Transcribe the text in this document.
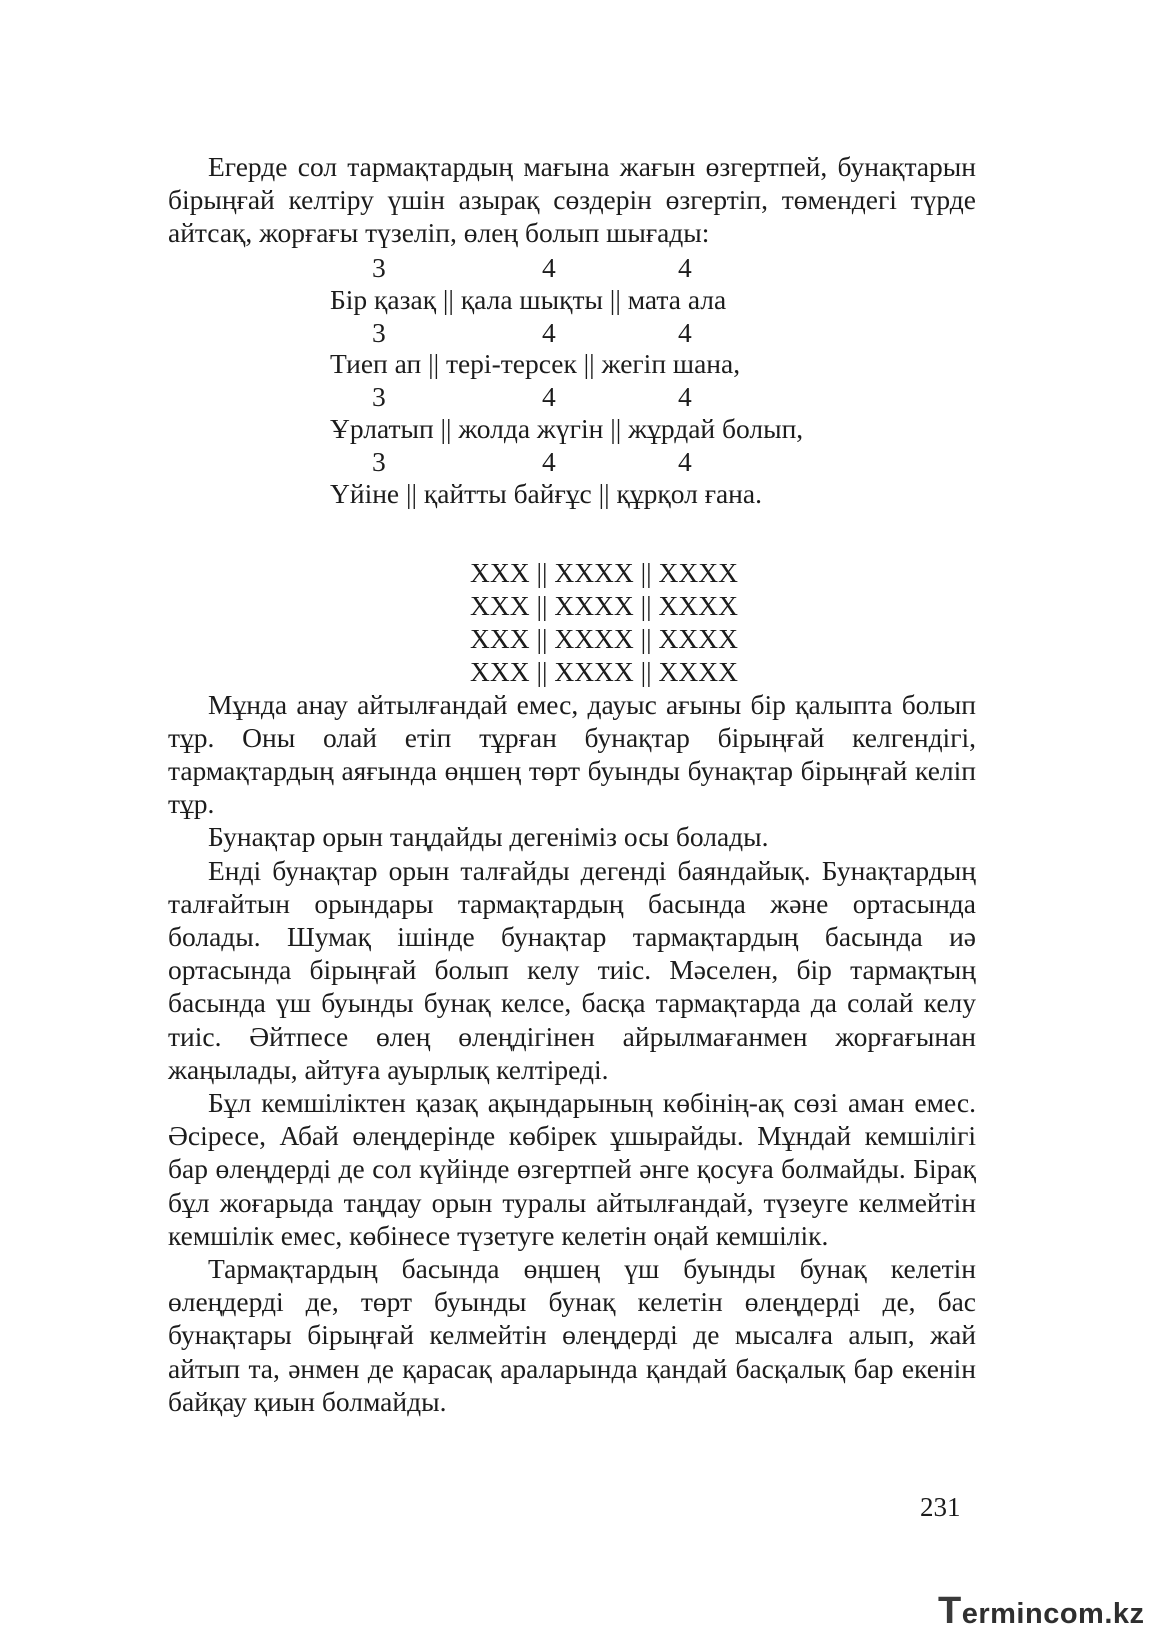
Егерде сол тармақтардың мағына жағын өзгертпей, бунақтарын бірыңғай келтіру үшін азырақ сөздерін өзгертіп, төмендегі түрде айтсақ, жорғағы түзеліп, өлең болып шығады:

3	4	4
Бір қазақ || қала шықты || мата ала
3	4	4
Тиеп ап || тері-терсек || жегіп шана,
3	4	4
Ұрлатып || жолда жүгін || жұрдай болып,
3	4	4
Үйіне || қайтты байғұс || құрқол ғана.
ХХХ || ХХХХ || ХХХХ
ХХХ || ХХХХ || ХХХХ
ХХХ || ХХХХ || ХХХХ
ХХХ || ХХХХ || ХХХХ

Мұнда анау айтылғандай емес, дауыс ағыны бір қалыпта болып тұр. Оны олай етіп тұрған бунақтар бірыңғай келгендігі, тармақтардың аяғында өңшең төрт буынды бунақтар бірыңғай келіп тұр.

Бунақтар орын таңдайды дегеніміз осы болады.

Енді бунақтар орын талғайды дегенді баяндайық. Бунақтардың талғайтын орындары тармақтардың басында және ортасында болады. Шумақ ішінде бунақтар тармақтардың басында иә ортасында бірыңғай болып келу тиіс. Мәселен, бір тармақтың басында үш буынды бунақ келсе, басқа тармақтарда да солай келу тиіс. Әйтпесе өлең өлеңдігінен айрылмағанмен жорғағынан жаңылады, айтуға ауырлық келтіреді.

Бұл кемшіліктен қазақ ақындарының көбінің-ақ сөзі аман емес. Әсіресе, Абай өлеңдерінде көбірек ұшырайды. Мұндай кемшілігі бар өлеңдерді де сол күйінде өзгертпей әнге қосуға болмайды. Бірақ бұл жоғарыда таңдау орын туралы айтылғандай, түзеуге келмейтін кемшілік емес, көбінесе түзетуге келетін оңай кемшілік.

Тармақтардың басында өңшең үш буынды бунақ келетін өлеңдерді де, төрт буынды бунақ келетін өлеңдерді де, бас бунақтары бірыңғай келмейтін өлеңдерді де мысалға алып, жай айтып та, әнмен де қарасақ араларында қандай басқалық бар екенін байқау қиын болмайды.

231
Termincоm.kz
